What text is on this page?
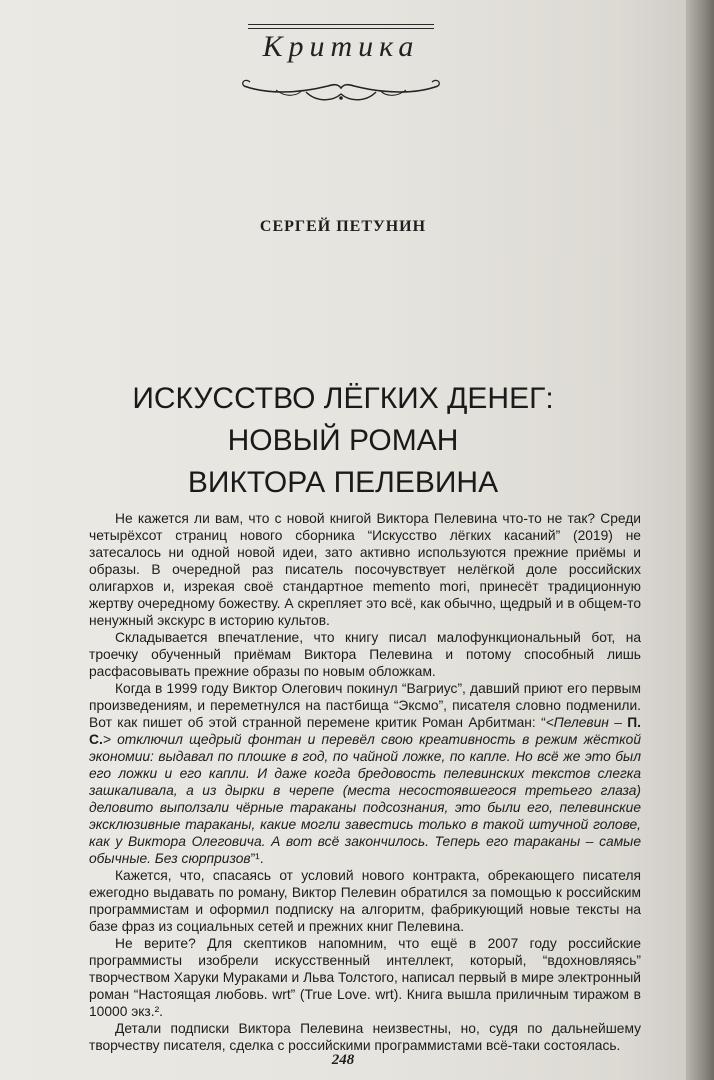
Критика
СЕРГЕЙ ПЕТУНИН
ИСКУССТВО ЛЁГКИХ ДЕНЕГ:
НОВЫЙ РОМАН
ВИКТОРА ПЕЛЕВИНА

Не кажется ли вам, что с новой книгой Виктора Пелевина что-то не так? Среди четырёхсот страниц нового сборника “Искусство лёгких касаний” (2019) не затесалось ни одной новой идеи, зато активно используются прежние приёмы и образы. В очередной раз писатель посочувствует нелёгкой доле российских олигархов и, изрекая своё стандартное memento mori, принесёт традиционную жертву очередному божеству. А скрепляет это всё, как обычно, щедрый и в общем-то ненужный экскурс в историю культов.

Складывается впечатление, что книгу писал малофункциональный бот, на троечку обученный приёмам Виктора Пелевина и потому способный лишь расфасовывать прежние образы по новым обложкам.

Когда в 1999 году Виктор Олегович покинул “Вагриус”, давший приют его первым произведениям, и переметнулся на пастбища “Эксмо”, писателя словно подменили. Вот как пишет об этой странной перемене критик Роман Арбитман: “<Пелевин – П. С.> отключил щедрый фонтан и перевёл свою креативность в режим жёсткой экономии: выдавал по плошке в год, по чайной ложке, по капле. Но всё же это был его ложки и его капли. И даже когда бредовость пелевинских текстов слегка зашкаливала, а из дырки в черепе (места несостоявшегося третьего глаза) деловито выползали чёрные тараканы подсознания, это были его, пелевинские эксклюзивные тараканы, какие могли завестись только в такой штучной голове, как у Виктора Олеговича. А вот всё закончилось. Теперь его тараканы – самые обычные. Без сюрпризов”¹.

Кажется, что, спасаясь от условий нового контракта, обрекающего писателя ежегодно выдавать по роману, Виктор Пелевин обратился за помощью к российским программистам и оформил подписку на алгоритм, фабрикующий новые тексты на базе фраз из социальных сетей и прежних книг Пелевина.

Не верите? Для скептиков напомним, что ещё в 2007 году российские программисты изобрели искусственный интеллект, который, “вдохновляясь” творчеством Харуки Мураками и Льва Толстого, написал первый в мире электронный роман “Настоящая любовь. wrt” (True Love. wrt). Книга вышла приличным тиражом в 10000 экз.².

Детали подписки Виктора Пелевина неизвестны, но, судя по дальнейшему творчеству писателя, сделка с российскими программистами всё-таки состоялась.

248
